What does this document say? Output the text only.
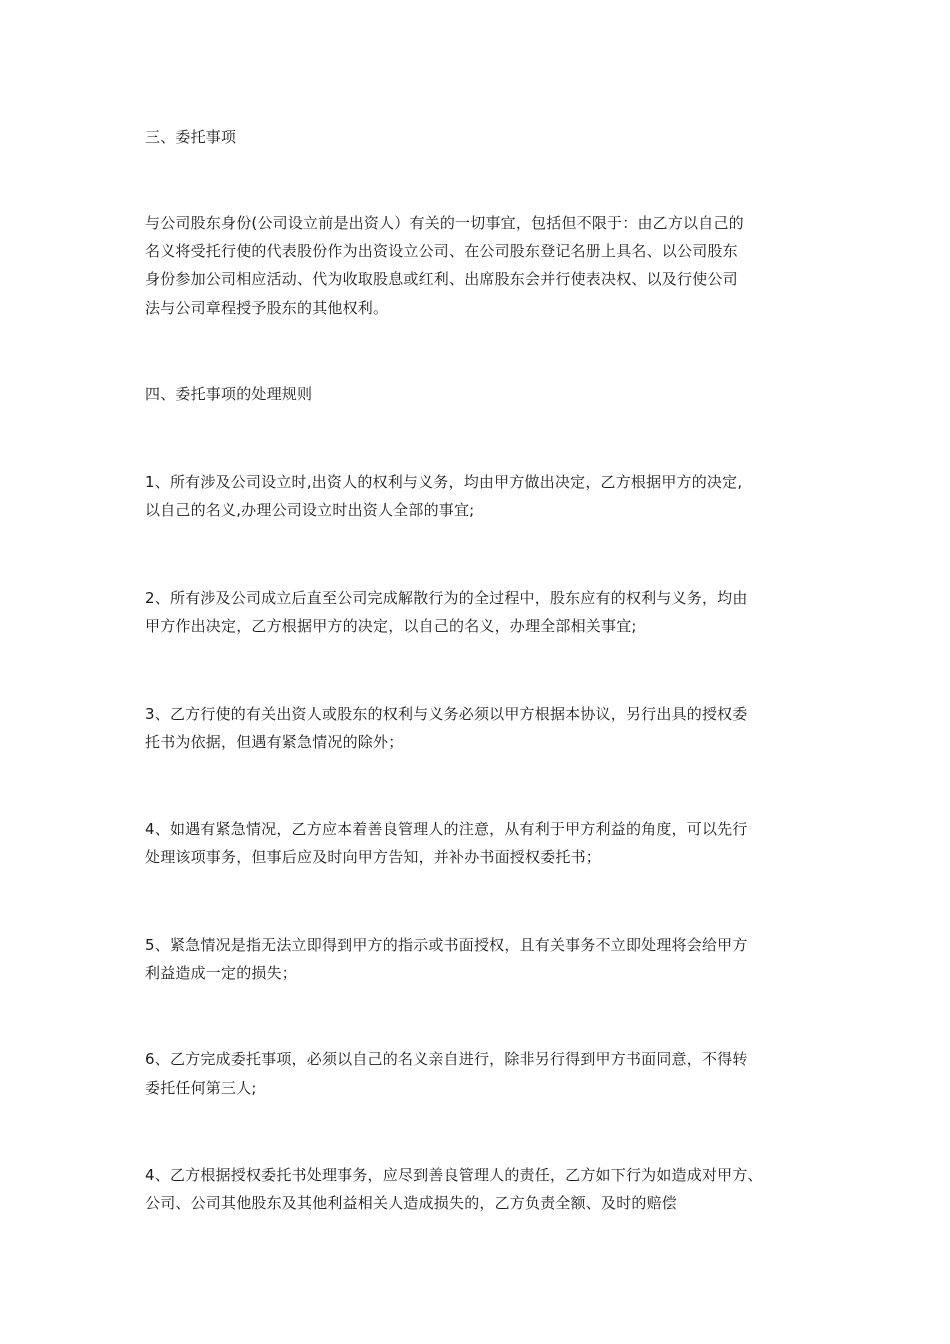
三、委托事项
与公司股东身份(公司设立前是出资人）有关的一切事宜，包括但不限于：由乙方以自己的
名义将受托行使的代表股份作为出资设立公司、在公司股东登记名册上具名、以公司股东
身份参加公司相应活动、代为收取股息或红利、出席股东会并行使表决权、以及行使公司
法与公司章程授予股东的其他权利。
四、委托事项的处理规则
1、所有涉及公司设立时,出资人的权利与义务，均由甲方做出决定，乙方根据甲方的决定,
以自己的名义,办理公司设立时出资人全部的事宜;
2、所有涉及公司成立后直至公司完成解散行为的全过程中，股东应有的权利与义务，均由
甲方作出决定，乙方根据甲方的决定，以自己的名义，办理全部相关事宜;
3、乙方行使的有关出资人或股东的权利与义务必须以甲方根据本协议，另行出具的授权委
托书为依据，但遇有紧急情况的除外；
4、如遇有紧急情况，乙方应本着善良管理人的注意，从有利于甲方利益的角度，可以先行
处理该项事务，但事后应及时向甲方告知，并补办书面授权委托书；
5、紧急情况是指无法立即得到甲方的指示或书面授权，且有关事务不立即处理将会给甲方
利益造成一定的损失；
6、乙方完成委托事项，必须以自己的名义亲自进行，除非另行得到甲方书面同意，不得转
委托任何第三人;
4、乙方根据授权委托书处理事务，应尽到善良管理人的责任，乙方如下行为如造成对甲方、
公司、公司其他股东及其他利益相关人造成损失的，乙方负责全额、及时的赔偿
